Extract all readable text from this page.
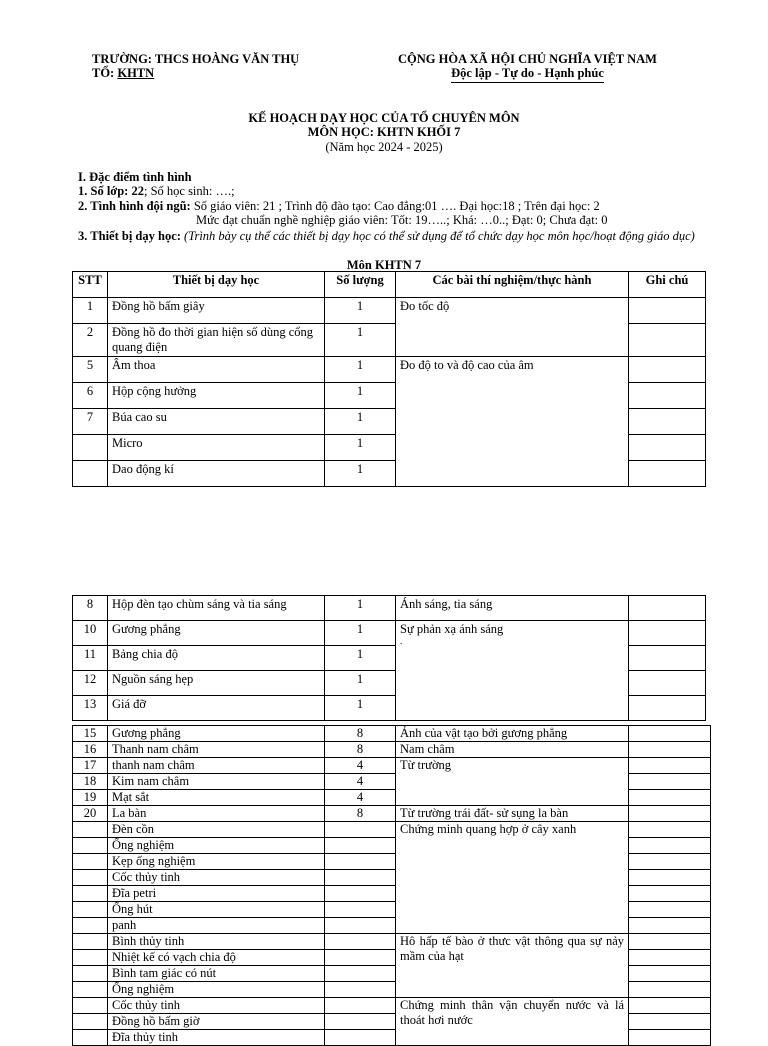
TRƯỜNG: THCS HOÀNG VĂN THỤ
TỔ: KHTN
CỘNG HÒA XÃ HỘI CHỦ NGHĨA VIỆT NAM
Độc lập - Tự do - Hạnh phúc
KẾ HOẠCH DẠY HỌC CỦA TỔ CHUYÊN MÔN
MÔN HỌC: KHTN KHỐI 7
(Năm học 2024 - 2025)
I. Đặc điểm tình hình
1. Số lớp: 22; Số học sinh: ….;
2. Tình hình đội ngũ: Số giáo viên: 21 ; Trình độ đào tạo: Cao đẳng:01 …. Đại học:18 ; Trên đại học: 2
Mức đạt chuẩn nghề nghiệp giáo viên: Tốt: 19…..; Khá: …0..; Đạt: 0; Chưa đạt: 0
3. Thiết bị dạy học: (Trình bày cụ thể các thiết bị dạy học có thể sử dụng để tổ chức dạy học môn học/hoạt động giáo dục)
Môn KHTN 7
STT	Thiết bị dạy học	Số lượng	Các bài thí nghiệm/thực hành	Ghi chú
1	Đồng hồ bấm giây	1	Đo tốc độ	
2	Đồng hồ đo thời gian hiện số dùng cổng quang điện	1		
5	Âm thoa	1	Đo độ to và độ cao của âm	
6	Hộp cộng hưởng	1		
7	Búa cao su	1		
	Micro	1		
	Dao động kí	1		
8	Hộp đèn tạo chùm sáng và tia sáng	1	Ánh sáng, tia sáng	
10	Gương phẳng	1	Sự phản xạ ánh sáng
.	

11	Bảng chia độ	1		
12	Nguồn sáng hẹp	1		
13	Giá đỡ	1		
15	Gương phẳng	8	Ảnh của vật tạo bởi gương phẳng	
16	Thanh nam châm	8	Nam châm	
17	thanh nam châm	4	Từ trường	
18	Kim nam châm	4		
19	Mạt sắt	4		
20	La bàn	8	Từ trường trái đất- sử sụng la bàn	
	Đèn cồn		Chứng minh quang hợp ở cây xanh	
	Ống nghiệm			
	Kẹp ống nghiệm			
	Cốc thủy tinh			
	Đĩa petri			
	Ống hút			
	panh			
	Bình thủy tinh		Hô hấp tế bào ở thưc vật thông qua sự nảy mầm của hạt	
	Nhiệt kế có vạch chia độ			
	Bình tam giác có nút			
	Ống nghiệm			
	Cốc thủy tinh		Chứng minh thân vận chuyển nước và lá thoát hơi nước	
	Đồng hồ bấm giờ			
	Đĩa thủy tinh			
